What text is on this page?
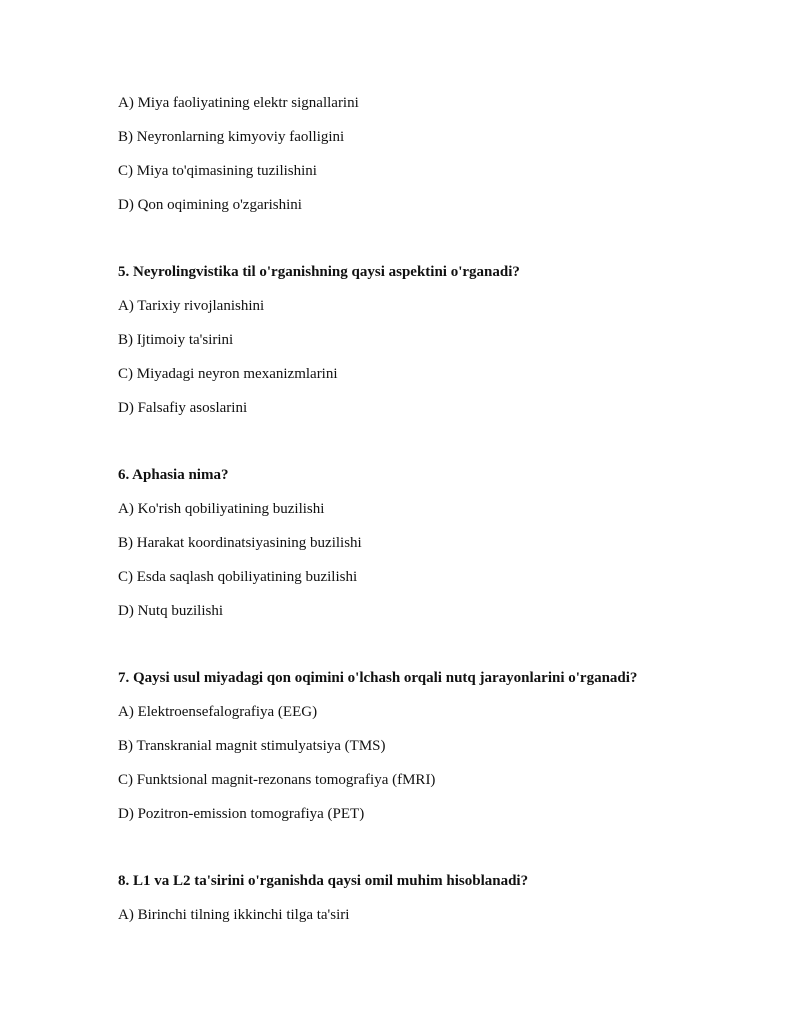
A) Miya faoliyatining elektr signallarini
B) Neyronlarning kimyoviy faolligini
C) Miya to'qimasining tuzilishini
D) Qon oqimining o'zgarishini
5. Neyrolingvistika til o'rganishning qaysi aspektini o'rganadi?
A) Tarixiy rivojlanishini
B) Ijtimoiy ta'sirini
C) Miyadagi neyron mexanizmlarini
D) Falsafiy asoslarini
6. Aphasia nima?
A) Ko'rish qobiliyatining buzilishi
B) Harakat koordinatsiyasining buzilishi
C) Esda saqlash qobiliyatining buzilishi
D) Nutq buzilishi
7. Qaysi usul miyadagi qon oqimini o'lchash orqali nutq jarayonlarini o'rganadi?
A) Elektroensefalografiya (EEG)
B) Transkranial magnit stimulyatsiya (TMS)
C) Funktsional magnit-rezonans tomografiya (fMRI)
D) Pozitron-emission tomografiya (PET)
8. L1 va L2 ta'sirini o'rganishda qaysi omil muhim hisoblanadi?
A) Birinchi tilning ikkinchi tilga ta'siri
